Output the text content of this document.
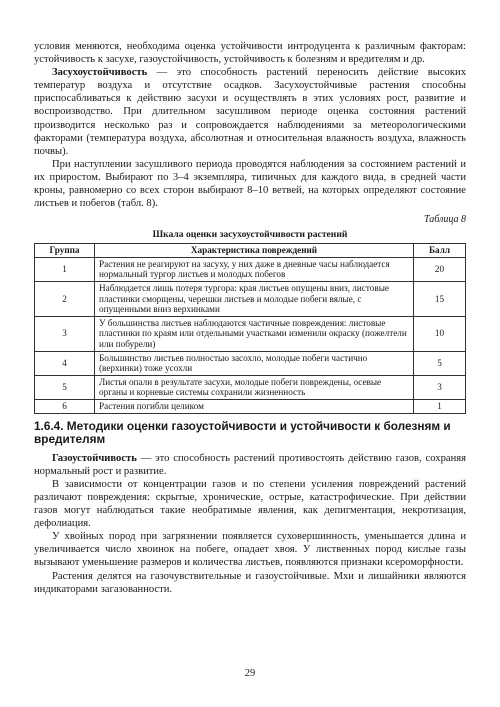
условия меняются, необходима оценка устойчивости интродуцента к различным факторам: устойчивость к засухе, газоустойчивость, устойчивость к болезням и вредителям и др.

Засухоустойчивость — это способность растений переносить действие высоких температур воздуха и отсутствие осадков. Засухоустойчивые растения способны приспосабливаться к действию засухи и осуществлять в этих условиях рост, развитие и воспроизводство. При длительном засушливом периоде оценка состояния растений производится несколько раз и сопровождается наблюдениями за метеорологическими факторами (температура воздуха, абсолютная и относительная влажность воздуха, влажность почвы).

При наступлении засушливого периода проводятся наблюдения за состоянием растений и их приростом. Выбирают по 3–4 экземпляра, типичных для каждого вида, в средней части кроны, равномерно со всех сторон выбирают 8–10 ветвей, на которых определяют состояние листьев и побегов (табл. 8).

Таблица 8
Шкала оценки засухоустойчивости растений
Группа	Характеристика повреждений	Балл
1	Растения не реагируют на засуху, у них даже в дневные часы наблюдается нормальный тургор листьев и молодых побегов	20
2	Наблюдается лишь потеря тургора: края листьев опущены вниз, листовые пластинки сморщены, черешки листьев и молодые побеги вялые, с опущенными вниз верхинками	15
3	У большинства листьев наблюдаются частичные повреждения: листовые пластинки по краям или отдельными участками изменили окраску (пожелтели или побурели)	10
4	Большинство листьев полностью засохло, молодые побеги частично (верхинки) тоже усохли	5
5	Листья опали в результате засухи, молодые побеги повреждены, осевые органы и корневые системы сохранили жизненность	3
6	Растения погибли целиком	1
1.6.4. Методики оценки газоустойчивости и устойчивости к болезням и вредителям

Газоустойчивость — это способность растений противостоять действию газов, сохраняя нормальный рост и развитие.

В зависимости от концентрации газов и по степени усиления повреждений растений различают повреждения: скрытые, хронические, острые, катастрофические. При действии газов могут наблюдаться такие необратимые явления, как депигментация, некротизация, дефолиация.

У хвойных пород при загрязнении появляется суховершинность, уменьшается длина и увеличивается число хвоинок на побеге, опадает хвоя. У лиственных пород кислые газы вызывают уменьшение размеров и количества листьев, появляются признаки ксероморфности.

Растения делятся на газочувствительные и газоустойчивые. Мхи и лишайники являются индикаторами загазованности.

29
